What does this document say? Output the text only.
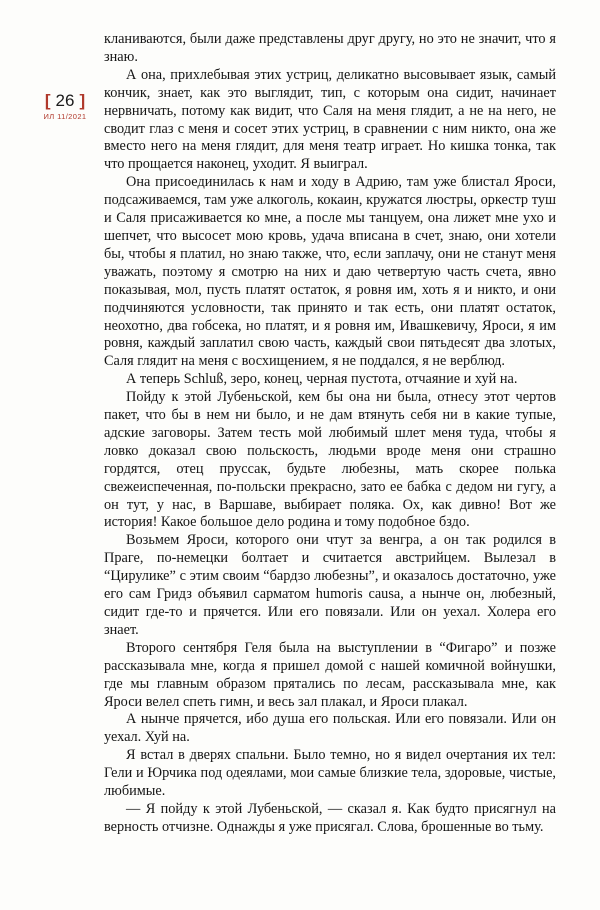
[ 26 ]
ИЛ 11/2021

кланиваются, были даже представлены друг другу, но это не значит, что я знаю.

А она, прихлебывая этих устриц, деликатно высовывает язык, самый кончик, знает, как это выглядит, тип, с которым она сидит, начинает нервничать, потому как видит, что Саля на меня глядит, а не на него, не сводит глаз с меня и сосет этих устриц, в сравнении с ним никто, она же вместо него на меня глядит, для меня театр играет. Но кишка тонка, так что прощается наконец, уходит. Я выиграл.

Она присоединилась к нам и ходу в Адрию, там уже блистал Яроси, подсаживаемся, там уже алкоголь, кокаин, кружатся люстры, оркестр туш и Саля присаживается ко мне, а после мы танцуем, она лижет мне ухо и шепчет, что высосет мою кровь, удача вписана в счет, знаю, они хотели бы, чтобы я платил, но знаю также, что, если заплачу, они не станут меня уважать, поэтому я смотрю на них и даю четвертую часть счета, явно показывая, мол, пусть платят остаток, я ровня им, хоть я и никто, и они подчиняются условности, так принято и так есть, они платят остаток, неохотно, два гобсека, но платят, и я ровня им, Ивашкевичу, Яроси, я им ровня, каждый заплатил свою часть, каждый свои пятьдесят два злотых, Саля глядит на меня с восхищением, я не поддался, я не верблюд.

А теперь Schluß, зеро, конец, черная пустота, отчаяние и хуй на.

Пойду к этой Лубеньской, кем бы она ни была, отнесу этот чертов пакет, что бы в нем ни было, и не дам втянуть себя ни в какие тупые, адские заговоры. Затем тесть мой любимый шлет меня туда, чтобы я ловко доказал свою польскость, людьми вроде меня они страшно гордятся, отец пруссак, будьте любезны, мать скорее полька свежеиспеченная, по-польски прекрасно, зато ее бабка с дедом ни гугу, а он тут, у нас, в Варшаве, выбирает поляка. Ох, как дивно! Вот же история! Какое большое дело родина и тому подобное бздо.

Возьмем Яроси, которого они чтут за венгра, а он так родился в Праге, по-немецки болтает и считается австрийцем. Вылезал в “Цирулике” с этим своим “бардзо любезны”, и оказалось достаточно, уже его сам Гридз объявил сарматом humoris causa, а нынче он, любезный, сидит где-то и прячется. Или его повязали. Или он уехал. Холера его знает.

Второго сентября Геля была на выступлении в “Фигаро” и позже рассказывала мне, когда я пришел домой с нашей комичной войнушки, где мы главным образом прятались по лесам, рассказывала мне, как Яроси велел спеть гимн, и весь зал плакал, и Яроси плакал.

А нынче прячется, ибо душа его польская. Или его повязали. Или он уехал. Хуй на.

Я встал в дверях спальни. Было темно, но я видел очертания их тел: Гели и Юрчика под одеялами, мои самые близкие тела, здоровые, чистые, любимые.

— Я пойду к этой Лубеньской, — сказал я. Как будто присягнул на верность отчизне. Однажды я уже присягал. Слова, брошенные во тьму.
